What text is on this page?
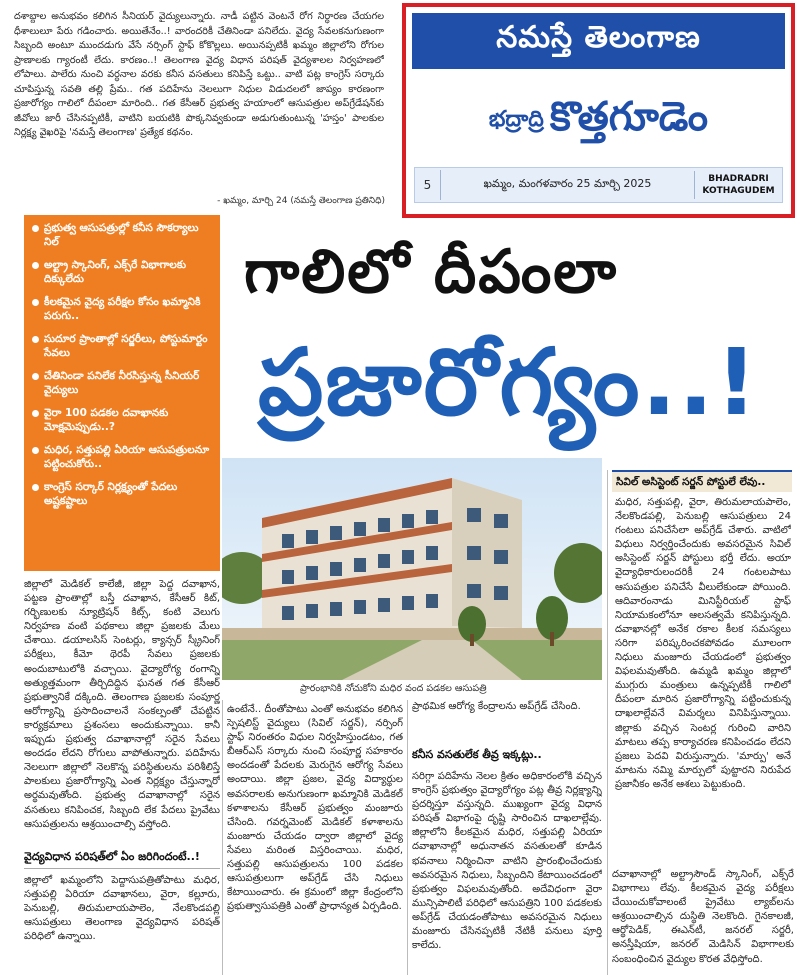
దశాబ్దాల అనుభవం కలిగిన సీనియర్ వైద్యులున్నారు. నాడీ పట్టిన వెంటనే రోగ నిర్ధారణ చేయగల ధీశాలులూ పేరు గడించారు. అయితేనేం..! వారందరికీ చేతినిండా పనిలేదు. వైద్య సేవలకనుగుణంగా సిబ్బంది అంటూ ముందడుగు వేసే నర్సింగ్ స్టాఫ్ కోకొల్లలు. అయినప్పటికీ ఖమ్మం జిల్లాలోని రోగుల ప్రాణాలకు గ్యారంటీ లేదు. కారణం..! తెలంగాణ వైద్య విధాన పరిషత్ వైద్యశాలల నిర్వహణలో లోపాలు. పాలేరు నుంచి వర్ధనాల వరకు కనీస వసతులు కనిపిస్తే ఒట్టు.. వాటి పట్ల కాంగ్రెస్ సర్కారు చూపిస్తున్న సవతి తల్లి ప్రేమ.. గత పదిహేను నెలలుగా నిధుల విడుదలలో జాప్యం కారణంగా ప్రజారోగ్యం గాలిలో దీపంలా మారింది.. గత కేసీఆర్ ప్రభుత్వ హయాంలో ఆసుపత్రుల అప్‌గ్రేడేషన్‌కు జీవోలు జారీ చేసినప్పటికీ, వాటిని బయటికి పొక్కనివ్వకుండా అడుగుతుంటున్న 'హస్తం' పాలకుల నిర్లక్ష్య వైఖరిపై 'నమస్తే తెలంగాణ' ప్రత్యేక కథనం.

- ఖమ్మం, మార్చి 24 (నమస్తే తెలంగాణ ప్రతినిధి)
నమస్తే తెలంగాణ
భద్రాద్రి కొత్తగూడెం
5	ఖమ్మం, మంగళవారం 25 మార్చి 2025	BHADRADRI
KOTHAGUDEM
ప్రభుత్వ ఆసుపత్రుల్లో కనీస సౌకర్యాలు నిల్
అల్ట్రా స్కానింగ్, ఎక్స్‌రే విభాగాలకు దిక్కులేదు
కీలకమైన వైద్య పరీక్షల కోసం ఖమ్మానికి పరుగు..
సుదూర ప్రాంతాల్లో సర్జరీలు, పోస్టుమార్టం సేవలు
చేతినిండా పనిలేక నీరసిస్తున్న సీనియర్ వైద్యులు
వైరా 100 పడకల దవాఖానకు మోక్షమెప్పుడు..?
మధిర, సత్తుపల్లి ఏరియా ఆసుపత్రులనూ పట్టించుకోరు..
కాంగ్రెస్ సర్కార్ నిర్లక్ష్యంతో పేదలు అష్టకష్టాలు
గాలిలో దీపంలా
ప్రజారోగ్యం..!
ప్రారంభానికి నోచుకోని మధిర వంద పడకల ఆసుపత్రి
సివిల్ అసిస్టెంట్ సర్జన్ పోస్టులే లేవు..

మధిర, సత్తుపల్లి, వైరా, తిరుమలాయపాలెం, నేలకొండపల్లి, పెనుబల్లి ఆసుపత్రులు 24 గంటలు పనిచేసేలా అప్‌గ్రేడ్ చేశారు. వాటిలో విధులు నిర్వర్తించేందుకు అవసరమైన సివిల్ అసిస్టెంట్ సర్జన్ పోస్టులు భర్తీ లేదు. అయా వైద్యాధికారులందరికీ 24 గంటలపాటు ఆసుపత్రుల పనిచేసే వీలులేకుండా పోయింది. ఆదివారంనాడు మినిస్టీరియల్ స్టాఫ్ నియామకంలోనూ ఆలసత్వమే కనిపిస్తున్నది. దవాఖానల్లో అనేక రకాల కీలక సమస్యలు సరిగా పరిష్కరించకపోవడం మూలంగా నిధులు మంజూరు చేయడంలో ప్రభుత్వం విఫలమవుతోంది. ఉమ్మడి ఖమ్మం జిల్లాలో ముగ్గురు మంత్రులు ఉన్నప్పటికీ గాలిలో దీపంలా మారిన ప్రజారోగ్యాన్ని పట్టించుకున్న దాఖలాల్లేవనే విమర్శలు వినిపిస్తున్నాయి. జిల్లాకు వచ్చిన సెంటర్ల గురించి వారిని మాటలు తప్ప కార్యాచరణ కనిపించడం లేదని ప్రజలు పెదవి విరుస్తున్నారు. 'మార్పు' అనే మాటను నమ్మి మార్పులో పుట్టారని నిరుపేద ప్రజానీకం అనేక ఆశలు పెట్టుకుంది.

దవాఖానాల్లో అల్ట్రాసౌండ్ స్కానింగ్, ఎక్స్‌రే విభాగాలు లేవు. కీలకమైన వైద్య పరీక్షలు చేయించుకోవాలంటే ప్రైవేటు ల్యాబ్‌లను ఆశ్రయించాల్సిన దుస్థితి నెలకొంది. గైనకాలజీ, ఆర్థోపెడిక్, ఈఎన్‌టీ, జనరల్ సర్జరీ, అనస్తీషియా, జనరల్ మెడిసిన్ విభాగాలకు సంబంధించిన వైద్యుల కొరత వేధిస్తోంది.

జిల్లాలో మెడికల్ కాలేజీ, జిల్లా పెద్ద దవాఖాన, పట్టణ ప్రాంతాల్లో బస్తీ దవాఖాన, కేసీఆర్ కిట్, గర్భిణులకు న్యూట్రిషన్ కిట్స్, కంటి వెలుగు నిర్వహణ వంటి పథకాలు జిల్లా ప్రజలకు మేలు చేశాయి. డయాలసిస్ సెంటర్లు, క్యాన్సర్ స్క్రీనింగ్ పరీక్షలు, కీమో థెరపీ సేవలు ప్రజలకు అందుబాటులోకి వచ్చాయి. వైద్యారోగ్య రంగాన్ని అత్యుత్తమంగా తీర్చిదిద్దిన ఘనత గత కేసీఆర్ ప్రభుత్వానికే దక్కింది. తెలంగాణ ప్రజలకు సంపూర్ణ ఆరోగ్యాన్ని ప్రసాదించాలనే సంకల్పంతో చేపట్టిన కార్యక్రమాలు ప్రశంసలు అందుకున్నాయి. కానీ ఇప్పుడు ప్రభుత్వ దవాఖానాల్లో సరైన సేవలు అందడం లేదని రోగులు వాపోతున్నారు. పదిహేను నెలలుగా జిల్లాలో నెలకొన్న పరిస్థితులను పరిశీలిస్తే పాలకులు ప్రజారోగ్యాన్ని ఎంత నిర్లక్ష్యం చేస్తున్నారో అర్థమవుతోంది. ప్రభుత్వ దవాఖానాల్లో సరైన వసతులు కనిపించక, సిబ్బంది లేక పేదలు ప్రైవేటు ఆసుపత్రులను ఆశ్రయించాల్సి వస్తోంది.

వైద్యవిధాన పరిషత్‌లో ఏం జరిగిందంటే..!

జిల్లాలో ఖమ్మంలోని పెద్దాసుపత్రితోపాటు మధిర, సత్తుపల్లి ఏరియా దవాఖానలు, వైరా, కల్లూరు, పెనుబల్లి, తిరుమలాయపాలెం, నేలకొండపల్లి ఆసుపత్రులు తెలంగాణ వైద్యవిధాన పరిషత్ పరిధిలో ఉన్నాయి.

ఉంటేనే.. దీంతోపాటు ఎంతో అనుభవం కలిగిన స్పెషలిస్ట్ వైద్యులు (సివిల్ సర్జన్), నర్సింగ్ స్టాఫ్ నిరంతరం విధుల నిర్వహిస్తుండటం, గత బీఆర్‌ఎస్ సర్కారు నుంచి సంపూర్ణ సహకారం అందడంతో పేదలకు మెరుగైన ఆరోగ్య సేవలు అందాయి. జిల్లా ప్రజల, వైద్య విద్యార్థుల అవసరాలకు అనుగుణంగా ఖమ్మానికి మెడికల్ కళాశాలను కేసీఆర్ ప్రభుత్వం మంజూరు చేసింది. గవర్నమెంట్ మెడికల్ కళాశాలను మంజూరు చేయడం ద్వారా జిల్లాలో వైద్య సేవలు మరింత విస్తరించాయి. మధిర, సత్తుపల్లి ఆసుపత్రులను 100 పడకల ఆసుపత్రులుగా అప్‌గ్రేడ్ చేసి నిధులు కేటాయించారు. ఈ క్రమంలో జిల్లా కేంద్రంలోని ప్రభుత్వాసుపత్రికి ఎంతో ప్రాధాన్యత ఏర్పడింది.

ప్రాథమిక ఆరోగ్య కేంద్రాలను అప్‌గ్రేడ్ చేసింది.

కనీస వసతులేక తీవ్ర ఇక్కట్లు..

సరిగ్గా పదిహేను నెలల క్రితం అధికారంలోకి వచ్చిన కాంగ్రెస్ ప్రభుత్వం వైద్యారోగ్యం పట్ల తీవ్ర నిర్లక్ష్యాన్ని ప్రదర్శిస్తూ వస్తున్నది. ముఖ్యంగా వైద్య విధాన పరిషత్ విభాగంపై దృష్టి సారించిన దాఖలాల్లేవు. జిల్లాలోని కీలకమైన మధిర, సత్తుపల్లి ఏరియా దవాఖానాల్లో అధునాతన వసతులతో కూడిన భవనాలు నిర్మించినా వాటిని ప్రారంభించేందుకు అవసరమైన నిధులు, సిబ్బందిని కేటాయించడంలో ప్రభుత్వం విఫలమవుతోంది. అదేవిధంగా వైరా మున్సిపాలిటీ పరిధిలో ఆసుపత్రిని 100 పడకలకు అప్‌గ్రేడ్ చేయడంతోపాటు అవసరమైన నిధులు మంజూరు చేసినప్పటికీ నేటికీ పనులు పూర్తి కాలేదు.
